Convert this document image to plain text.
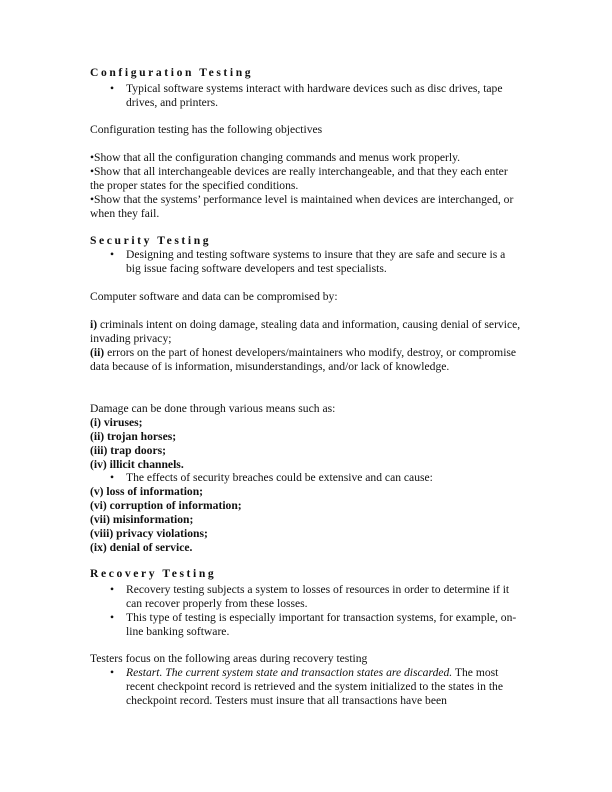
Configuration Testing
•	Typical software systems interact with hardware devices such as disc drives, tape drives, and printers.
Configuration testing has the following objectives
•Show that all the configuration changing commands and menus work properly.
•Show that all interchangeable devices are really interchangeable, and that they each enter the proper states for the specified conditions.
•Show that the systems’ performance level is maintained when devices are interchanged, or when they fail.
Security Testing
•	Designing and testing software systems to insure that they are safe and secure is a big issue facing software developers and test specialists.
Computer software and data can be compromised by:
i) criminals intent on doing damage, stealing data and information, causing denial of service, invading privacy;
(ii) errors on the part of honest developers/maintainers who modify, destroy, or compromise data because of is information, misunderstandings, and/or lack of knowledge.
Damage can be done through various means such as:
(i) viruses;
(ii) trojan horses;
(iii) trap doors;
(iv) illicit channels.
•	The effects of security breaches could be extensive and can cause:
(v) loss of information;
(vi) corruption of information;
(vii) misinformation;
(viii) privacy violations;
(ix) denial of service.
Recovery Testing
•	Recovery testing subjects a system to losses of resources in order to determine if it can recover properly from these losses.
•	This type of testing is especially important for transaction systems, for example, on-line banking software.
Testers focus on the following areas during recovery testing
•	Restart. The current system state and transaction states are discarded. The most recent checkpoint record is retrieved and the system initialized to the states in the checkpoint record. Testers must insure that all transactions have been
